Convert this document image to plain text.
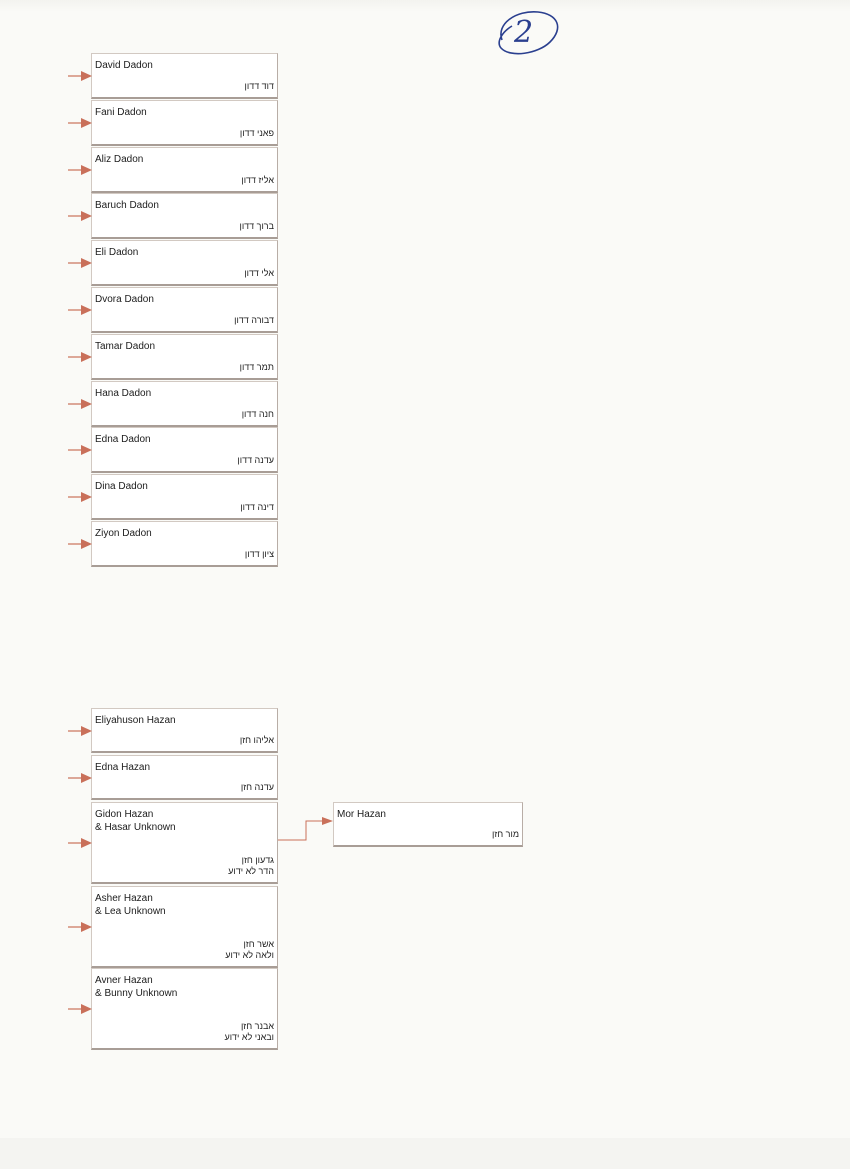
2
David Dadon
דוד דדון
Fani Dadon
פאני דדון
Aliz Dadon
אליז דדון
Baruch Dadon
ברוך דדון
Eli Dadon
אלי דדון
Dvora Dadon
דבורה דדון
Tamar Dadon
תמר דדון
Hana Dadon
חנה דדון
Edna Dadon
עדנה דדון
Dina Dadon
דינה דדון
Ziyon Dadon
ציון דדון
Eliyahuson Hazan
אליהו חזן
Edna Hazan
עדנה חזן
Gidon Hazan
& Hasar Unknown
גדעון חזן
הדר לא ידוע
Asher Hazan
& Lea Unknown
אשר חזן
ולאה לא ידוע
Avner Hazan
& Bunny Unknown
אבנר חזן
ובאני לא ידוע
Mor Hazan
מור חזן
